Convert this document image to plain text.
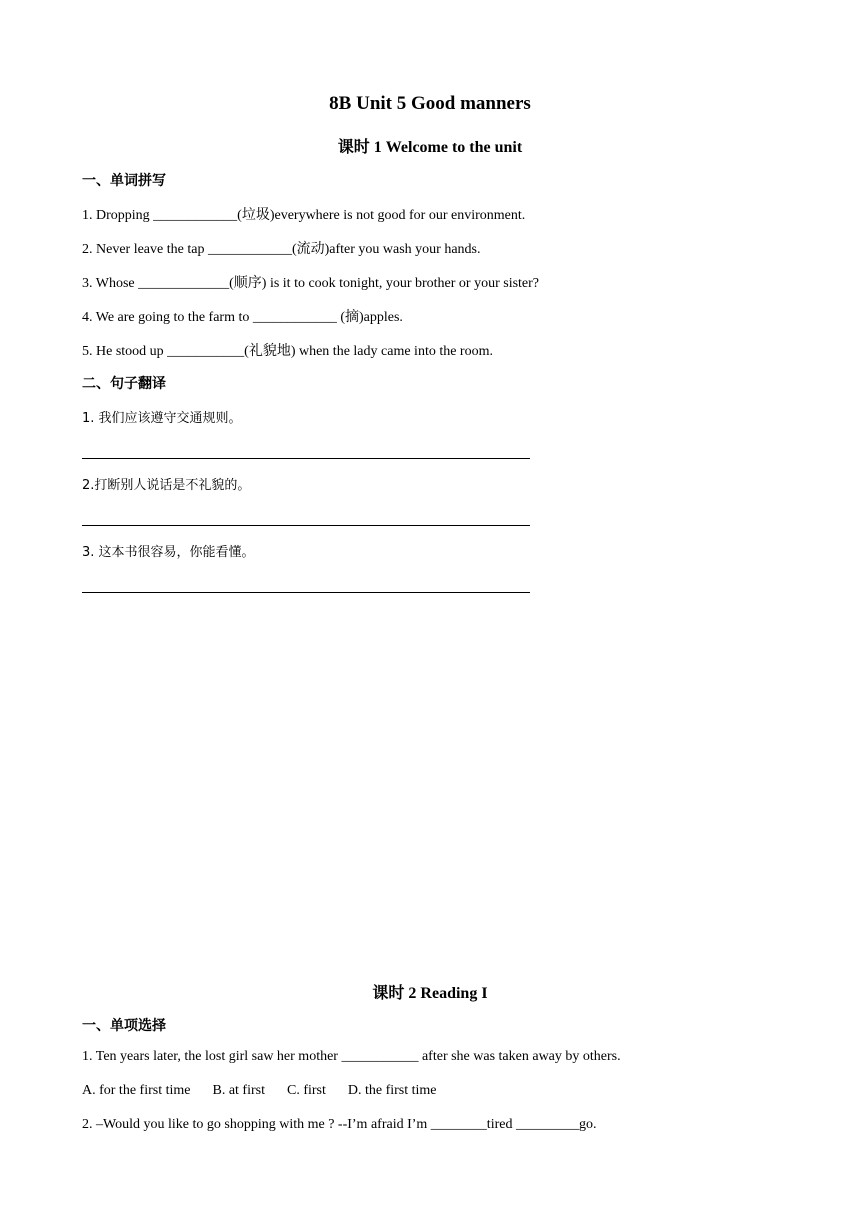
8B Unit 5 Good manners
课时 1 Welcome to the unit
一、单词拼写
1. Dropping ____________(垃圾)everywhere is not good for our environment.
2. Never leave the tap ____________(流动)after you wash your hands.
3. Whose _____________(顺序) is it to cook tonight, your brother or your sister?
4. We are going to the farm to ____________ (摘)apples.
5. He stood up ___________(礼貌地) when the lady came into the room.
二、句子翻译
1. 我们应该遵守交通规则。
2.打断别人说话是不礼貌的。
3. 这本书很容易，你能看懂。
课时 2 Reading I
一、单项选择
1. Ten years later, the lost girl saw her mother ___________ after she was taken away by others.
A. for the first time B. at first C. first D. the first time
2. –Would you like to go shopping with me ? --I’m afraid I’m ________tired _________go.
